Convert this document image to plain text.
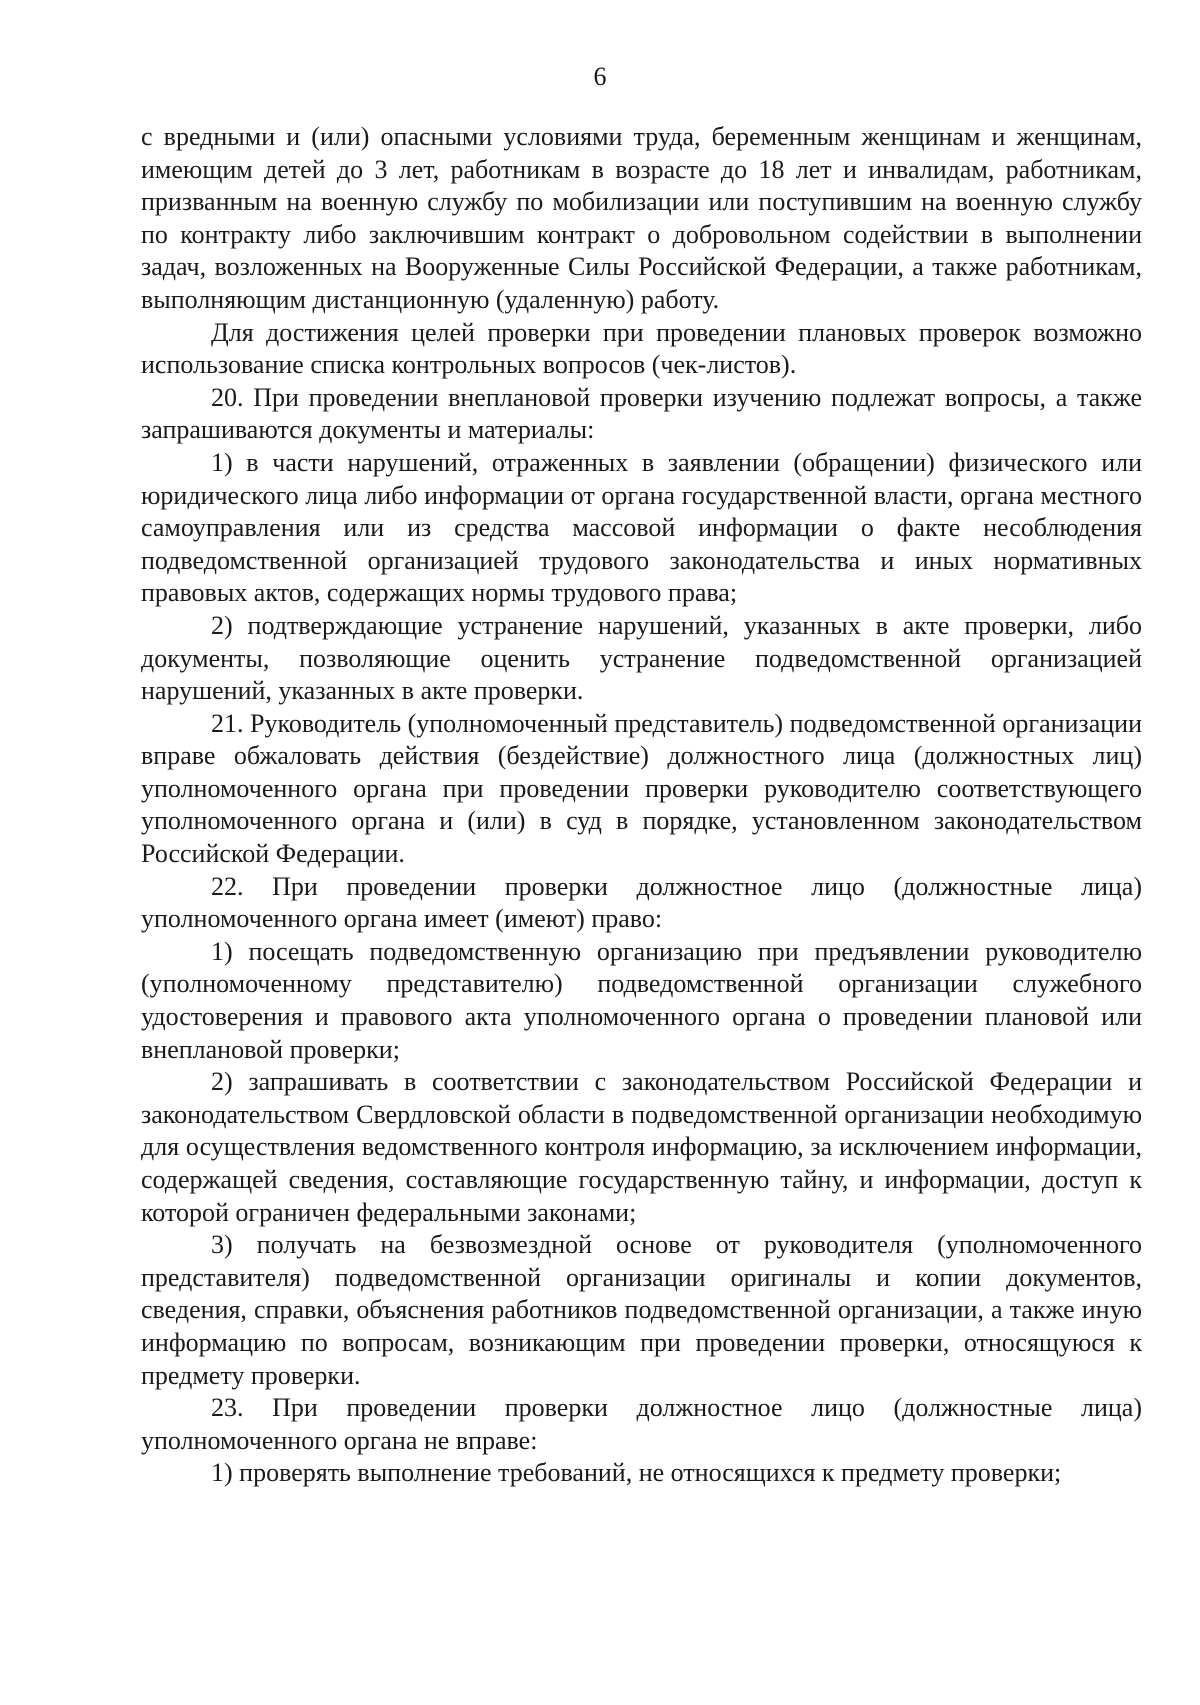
6

с вредными и (или) опасными условиями труда, беременным женщинам и женщинам, имеющим детей до 3 лет, работникам в возрасте до 18 лет и инвалидам, работникам, призванным на военную службу по мобилизации или поступившим на военную службу по контракту либо заключившим контракт о добровольном содействии в выполнении задач, возложенных на Вооруженные Силы Российской Федерации, а также работникам, выполняющим дистанционную (удаленную) работу.

Для достижения целей проверки при проведении плановых проверок возможно использование списка контрольных вопросов (чек-листов).

20. При проведении внеплановой проверки изучению подлежат вопросы, а также запрашиваются документы и материалы:

1) в части нарушений, отраженных в заявлении (обращении) физического или юридического лица либо информации от органа государственной власти, органа местного самоуправления или из средства массовой информации о факте несоблюдения подведомственной организацией трудового законодательства и иных нормативных правовых актов, содержащих нормы трудового права;

2) подтверждающие устранение нарушений, указанных в акте проверки, либо документы, позволяющие оценить устранение подведомственной организацией нарушений, указанных в акте проверки.

21. Руководитель (уполномоченный представитель) подведомственной организации вправе обжаловать действия (бездействие) должностного лица (должностных лиц) уполномоченного органа при проведении проверки руководителю соответствующего уполномоченного органа и (или) в суд в порядке, установленном законодательством Российской Федерации.

22. При проведении проверки должностное лицо (должностные лица) уполномоченного органа имеет (имеют) право:

1) посещать подведомственную организацию при предъявлении руководителю (уполномоченному представителю) подведомственной организации служебного удостоверения и правового акта уполномоченного органа о проведении плановой или внеплановой проверки;

2) запрашивать в соответствии с законодательством Российской Федерации и законодательством Свердловской области в подведомственной организации необходимую для осуществления ведомственного контроля информацию, за исключением информации, содержащей сведения, составляющие государственную тайну, и информации, доступ к которой ограничен федеральными законами;

3) получать на безвозмездной основе от руководителя (уполномоченного представителя) подведомственной организации оригиналы и копии документов, сведения, справки, объяснения работников подведомственной организации, а также иную информацию по вопросам, возникающим при проведении проверки, относящуюся к предмету проверки.

23. При проведении проверки должностное лицо (должностные лица) уполномоченного органа не вправе:

1) проверять выполнение требований, не относящихся к предмету проверки;
